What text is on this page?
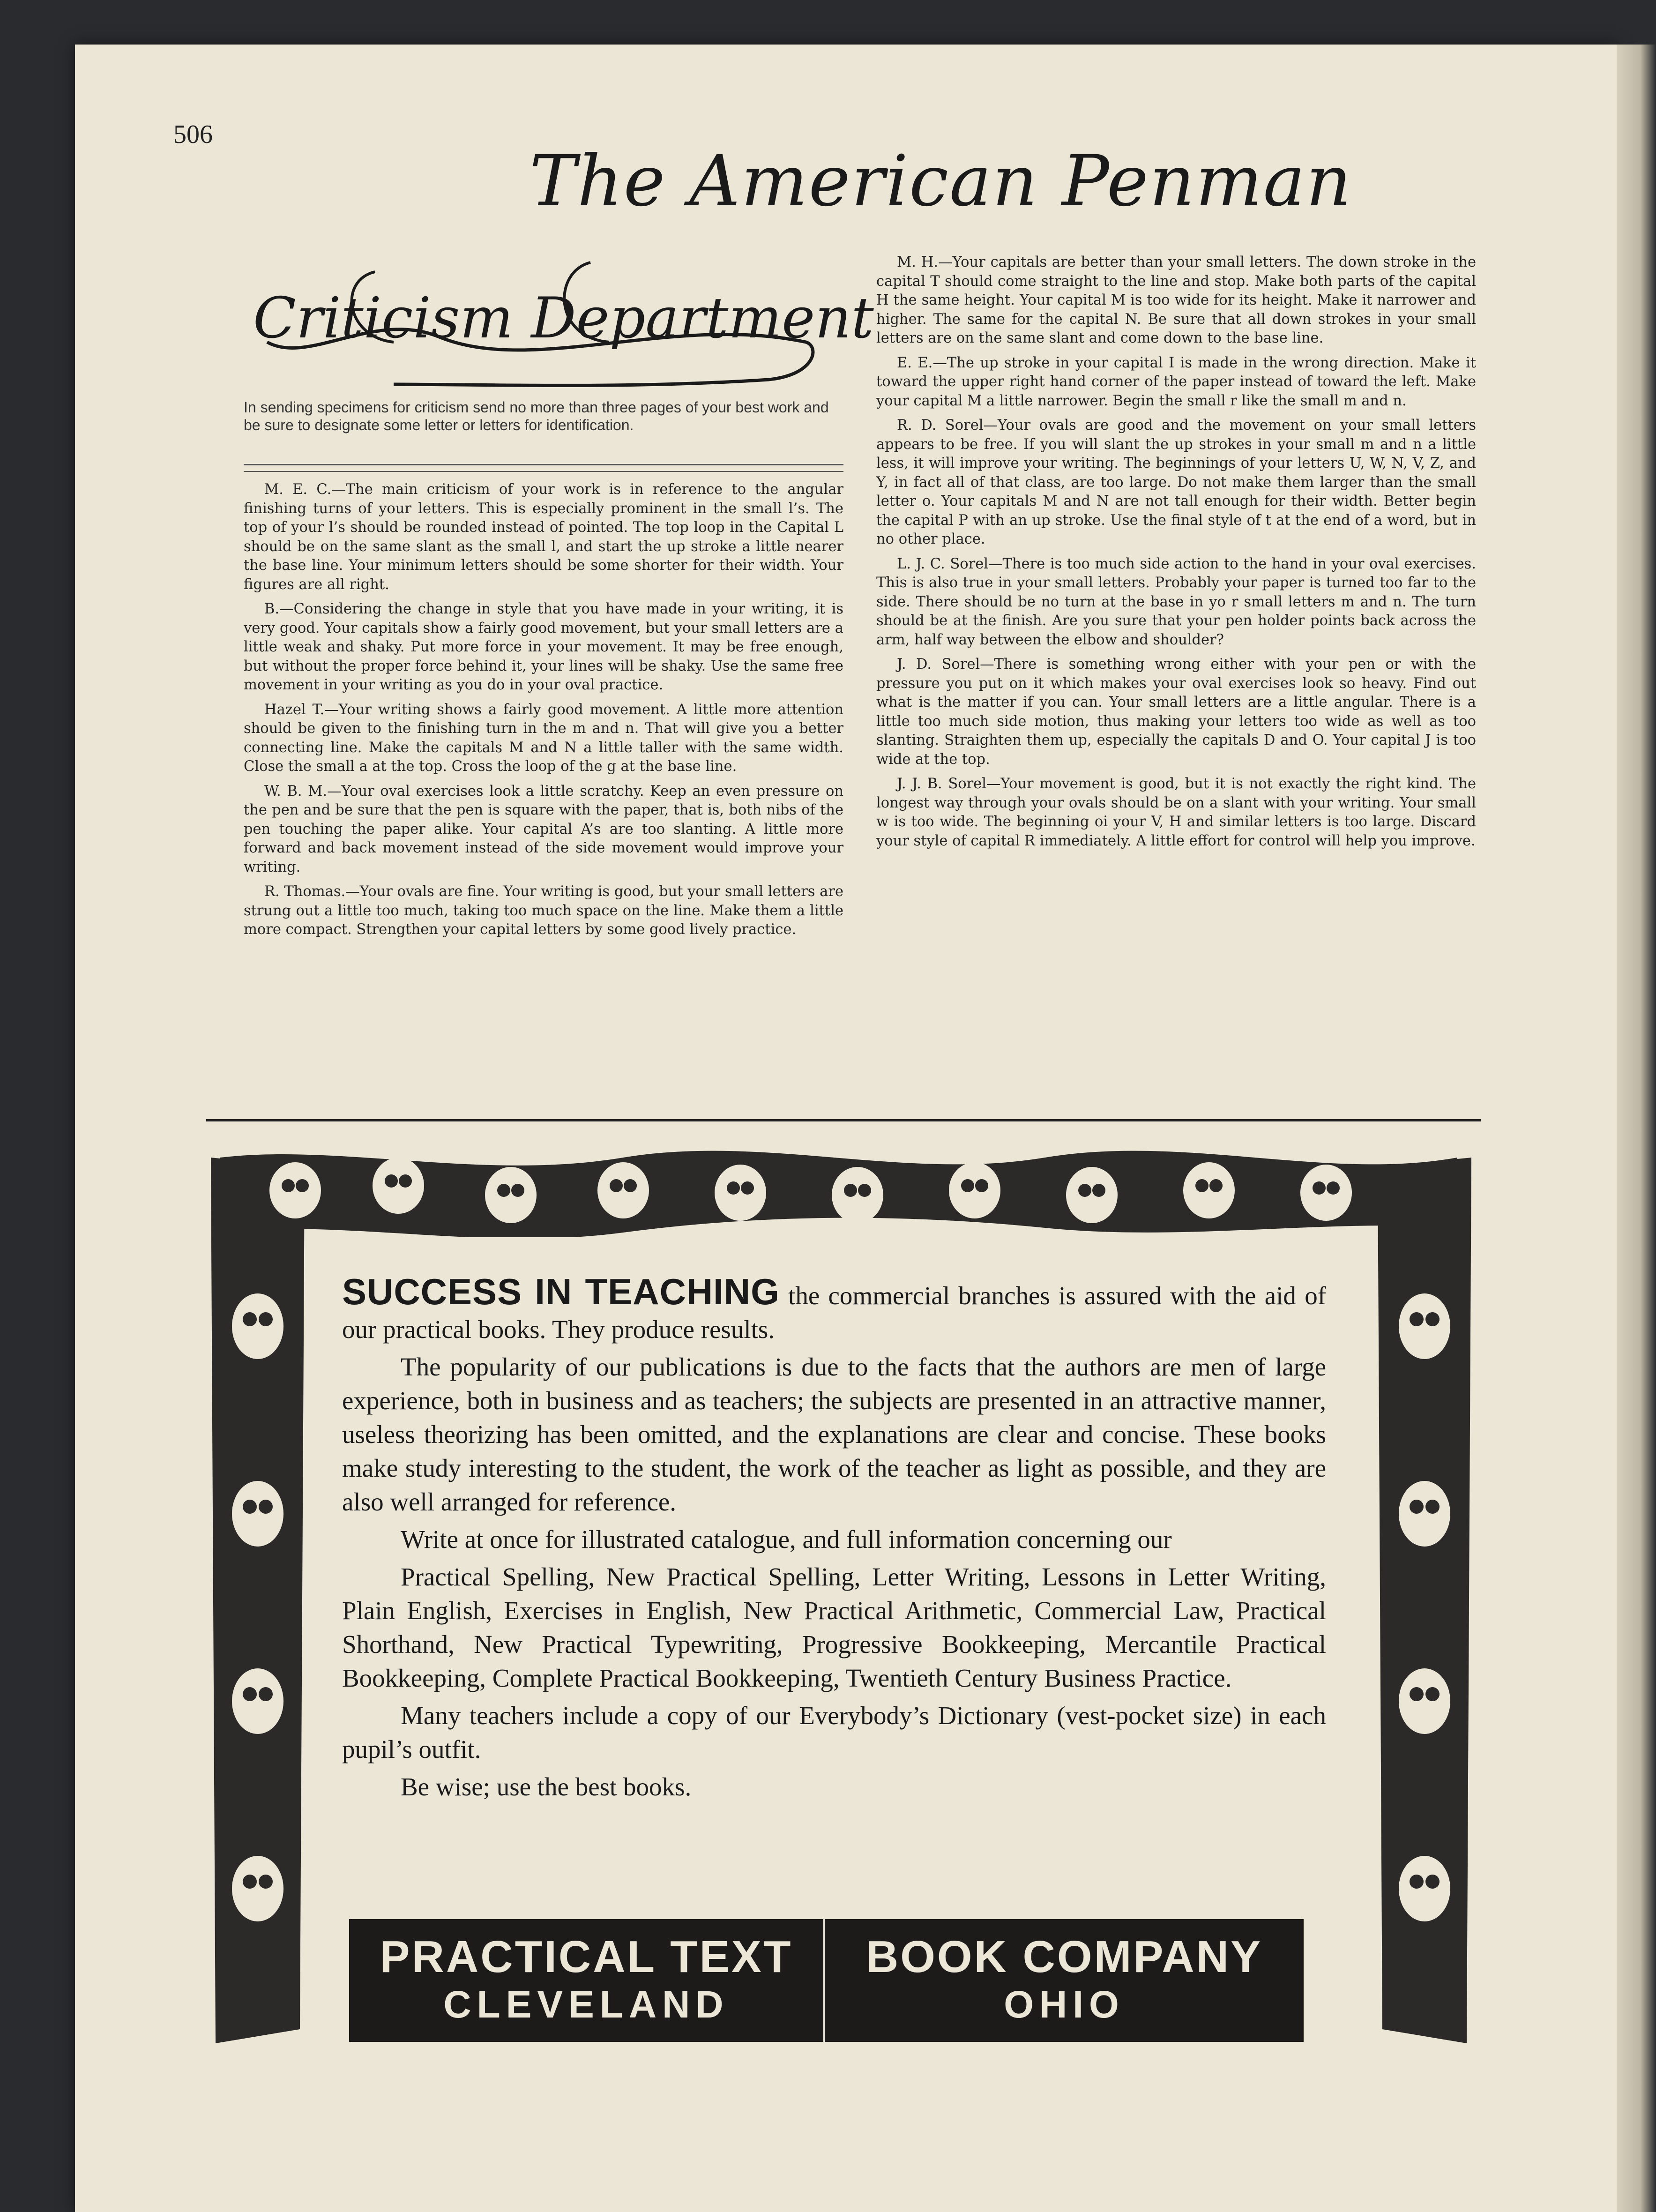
506
The American Penman
Criticism Department
In sending specimens for criticism send no more than three pages of your best work and be sure to designate some letter or letters for identification.

M. E. C.—The main criticism of your work is in reference to the angular finishing turns of your letters. This is especially prominent in the small l’s. The top of your l’s should be rounded instead of pointed. The top loop in the Capital L should be on the same slant as the small l, and start the up stroke a little nearer the base line. Your minimum letters should be some shorter for their width. Your figures are all right.

B.—Considering the change in style that you have made in your writing, it is very good. Your capitals show a fairly good movement, but your small letters are a little weak and shaky. Put more force in your movement. It may be free enough, but without the proper force behind it, your lines will be shaky. Use the same free movement in your writing as you do in your oval practice.

Hazel T.—Your writing shows a fairly good movement. A little more attention should be given to the finishing turn in the m and n. That will give you a better connecting line. Make the capitals M and N a little taller with the same width. Close the small a at the top. Cross the loop of the g at the base line.

W. B. M.—Your oval exercises look a little scratchy. Keep an even pressure on the pen and be sure that the pen is square with the paper, that is, both nibs of the pen touching the paper alike. Your capital A’s are too slanting. A little more forward and back movement instead of the side movement would improve your writing.

R. Thomas.—Your ovals are fine. Your writing is good, but your small letters are strung out a little too much, taking too much space on the line. Make them a little more compact. Strengthen your capital letters by some good lively practice.

M. H.—Your capitals are better than your small letters. The down stroke in the capital T should come straight to the line and stop. Make both parts of the capital H the same height. Your capital M is too wide for its height. Make it narrower and higher. The same for the capital N. Be sure that all down strokes in your small letters are on the same slant and come down to the base line.

E. E.—The up stroke in your capital I is made in the wrong direction. Make it toward the upper right hand corner of the paper instead of toward the left. Make your capital M a little narrower. Begin the small r like the small m and n.

R. D. Sorel—Your ovals are good and the movement on your small letters appears to be free. If you will slant the up strokes in your small m and n a little less, it will improve your writing. The beginnings of your letters U, W, N, V, Z, and Y, in fact all of that class, are too large. Do not make them larger than the small letter o. Your capitals M and N are not tall enough for their width. Better begin the capital P with an up stroke. Use the final style of t at the end of a word, but in no other place.

L. J. C. Sorel—There is too much side action to the hand in your oval exercises. This is also true in your small letters. Probably your paper is turned too far to the side. There should be no turn at the base in yo r small letters m and n. The turn should be at the finish. Are you sure that your pen holder points back across the arm, half way between the elbow and shoulder?

J. D. Sorel—There is something wrong either with your pen or with the pressure you put on it which makes your oval exercises look so heavy. Find out what is the matter if you can. Your small letters are a little angular. There is a little too much side motion, thus making your letters too wide as well as too slanting. Straighten them up, especially the capitals D and O. Your capital J is too wide at the top.

J. J. B. Sorel—Your movement is good, but it is not exactly the right kind. The longest way through your ovals should be on a slant with your writing. Your small w is too wide. The beginning oi your V, H and similar letters is too large. Discard your style of capital R immediately. A little effort for control will help you improve.

SUCCESS IN TEACHING the commercial branches is assured with the aid of our practical books. They produce results.

The popularity of our publications is due to the facts that the authors are men of large experience, both in business and as teachers; the subjects are presented in an attractive manner, useless theorizing has been omitted, and the explanations are clear and concise. These books make study interesting to the student, the work of the teacher as light as possible, and they are also well arranged for reference.

Write at once for illustrated catalogue, and full information concerning our

Practical Spelling, New Practical Spelling, Letter Writing, Lessons in Letter Writing, Plain English, Exercises in English, New Practical Arithmetic, Commercial Law, Practical Shorthand, New Practical Typewriting, Progressive Bookkeeping, Mercantile Practical Bookkeeping, Complete Practical Bookkeeping, Twentieth Century Business Practice.

Many teachers include a copy of our Everybody’s Dictionary (vest-pocket size) in each pupil’s outfit.

Be wise; use the best books.

PRACTICAL TEXT
CLEVELAND
BOOK COMPANY
OHIO
